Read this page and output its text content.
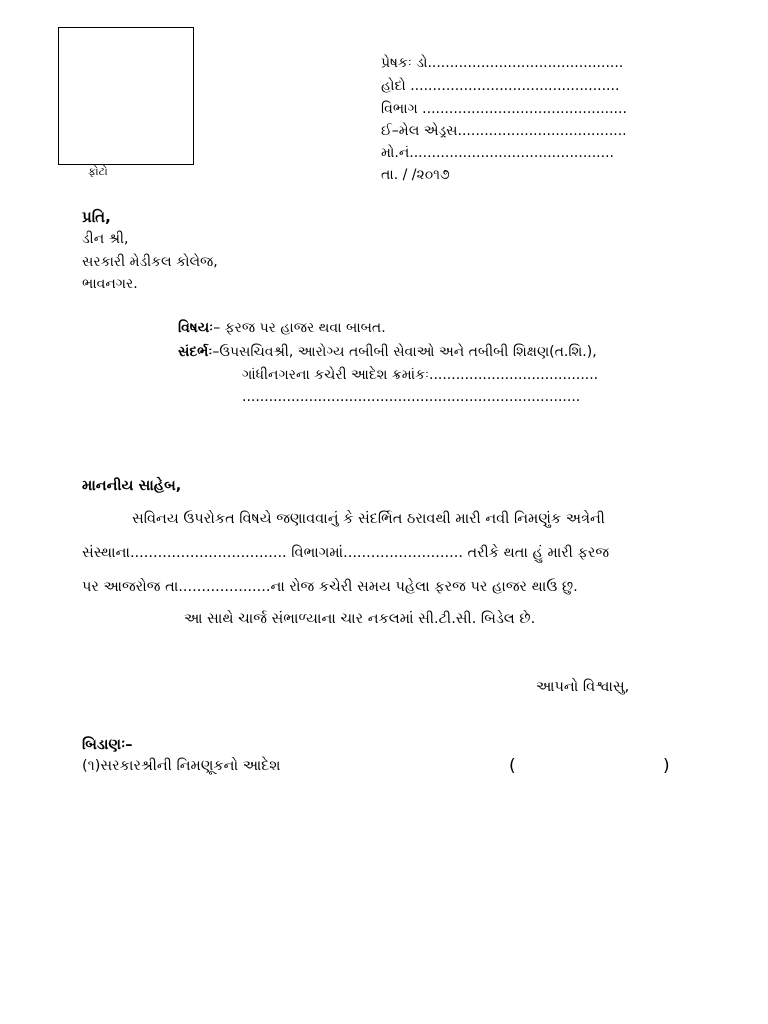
ફોટો
પ્રેષકઃ ડો............................................
હોદો ...............................................
વિભાગ ..............................................
ઈ–મેલ એડ્રસ......................................
મો.નં..............................................
તા. / /૨૦૧૭
પ્રતિ,
ડીન શ્રી,
સરકારી મેડીકલ કોલેજ,
ભાવનગર.
વિષયઃ– ફરજ પર હાજર થવા બાબત.
સંદર્ભઃ–ઉપસચિવશ્રી, આરોગ્ય તબીબી સેવાઓ અને તબીબી શિક્ષણ(ત.શિ.),
ગાંધીનગરના કચેરી આદેશ ક્રમાંકઃ......................................
............................................................................
માનનીય સાહેબ,
સવિનય ઉપરોકત વિષયે જણાવવાનું કે સંદર્ભિત ઠરાવથી મારી નવી નિમણુંક અત્રેની
સંસ્થાના.................................. વિભાગમાં.......................... તરીકે થતા હું મારી ફરજ
પર આજરોજ તા....................ના રોજ કચેરી સમય પહેલા ફરજ પર હાજર થાઉ છુ.
આ સાથે ચાર્જ સંભાળ્યાના ચાર નકલમાં સી.ટી.સી. બિડેલ છે.
આપનો વિશ્વાસુ,
બિડાણઃ–
(૧)સરકારશ્રીની નિમણૂકનો આદેશ	(	)
